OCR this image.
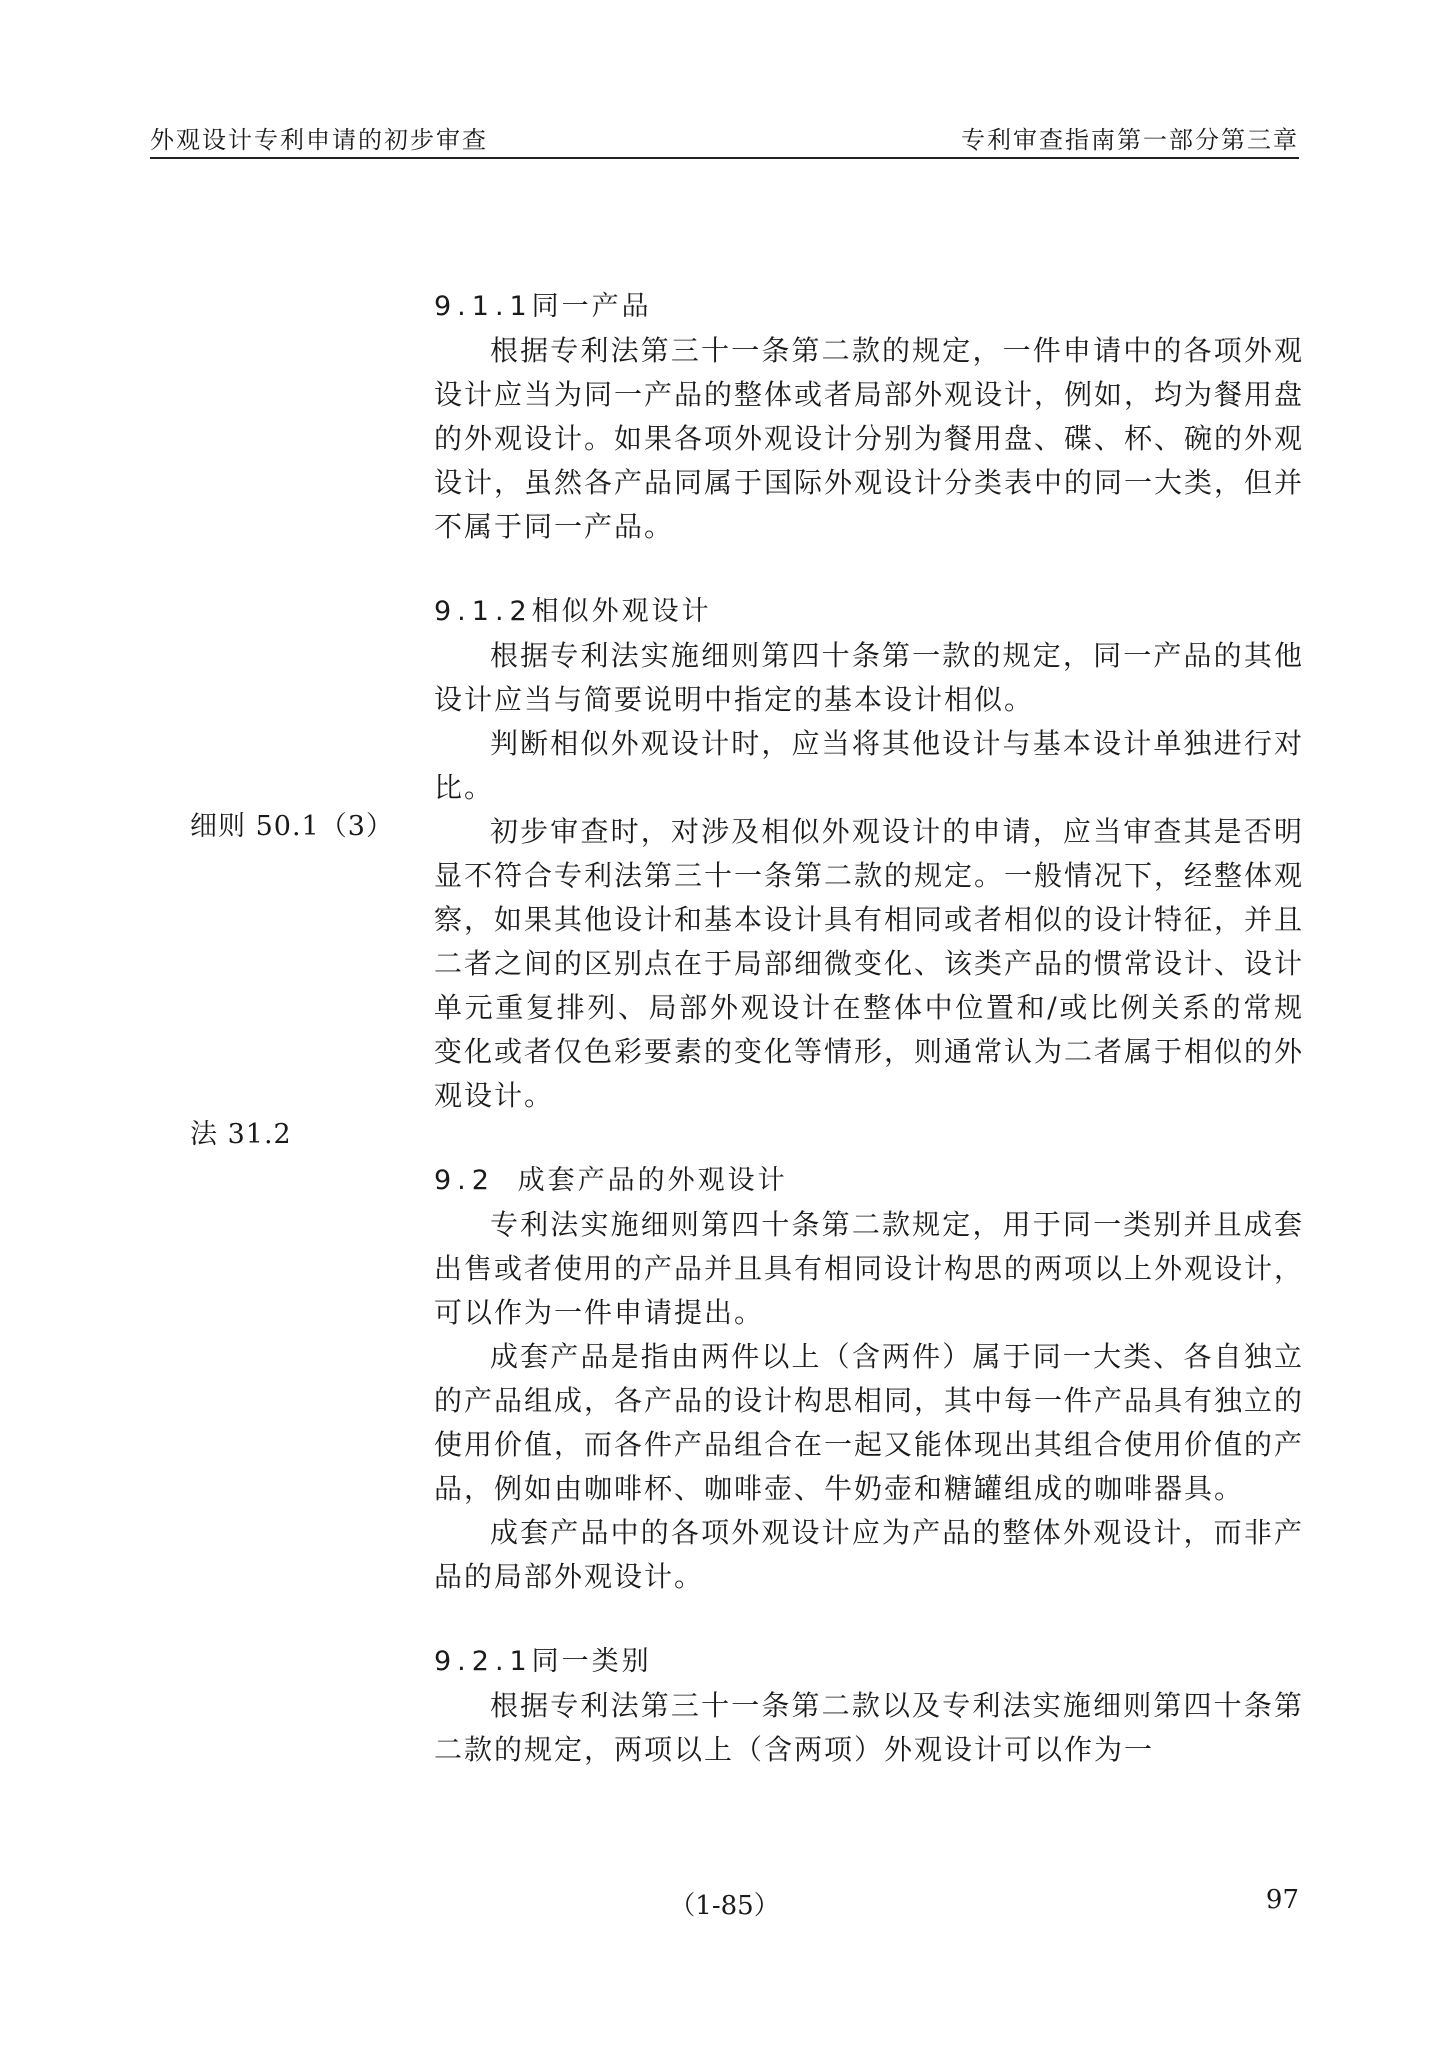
外观设计专利申请的初步审查	专利审查指南第一部分第三章
细则 50.1（3）
法 31.2
9.1.1 同一产品

根据专利法第三十一条第二款的规定，一件申请中的各项外观设计应当为同一产品的整体或者局部外观设计，例如，均为餐用盘的外观设计。如果各项外观设计分别为餐用盘、碟、杯、碗的外观设计，虽然各产品同属于国际外观设计分类表中的同一大类，但并不属于同一产品。

9.1.2 相似外观设计

根据专利法实施细则第四十条第一款的规定，同一产品的其他设计应当与简要说明中指定的基本设计相似。

判断相似外观设计时，应当将其他设计与基本设计单独进行对比。

初步审查时，对涉及相似外观设计的申请，应当审查其是否明显不符合专利法第三十一条第二款的规定。一般情况下，经整体观察，如果其他设计和基本设计具有相同或者相似的设计特征，并且二者之间的区别点在于局部细微变化、该类产品的惯常设计、设计单元重复排列、局部外观设计在整体中位置和/或比例关系的常规变化或者仅色彩要素的变化等情形，则通常认为二者属于相似的外观设计。

9.2 成套产品的外观设计

专利法实施细则第四十条第二款规定，用于同一类别并且成套出售或者使用的产品并且具有相同设计构思的两项以上外观设计，可以作为一件申请提出。

成套产品是指由两件以上（含两件）属于同一大类、各自独立的产品组成，各产品的设计构思相同，其中每一件产品具有独立的使用价值，而各件产品组合在一起又能体现出其组合使用价值的产品，例如由咖啡杯、咖啡壶、牛奶壶和糖罐组成的咖啡器具。

成套产品中的各项外观设计应为产品的整体外观设计，而非产品的局部外观设计。

9.2.1 同一类别

根据专利法第三十一条第二款以及专利法实施细则第四十条第二款的规定，两项以上（含两项）外观设计可以作为一

（1-85）	97
